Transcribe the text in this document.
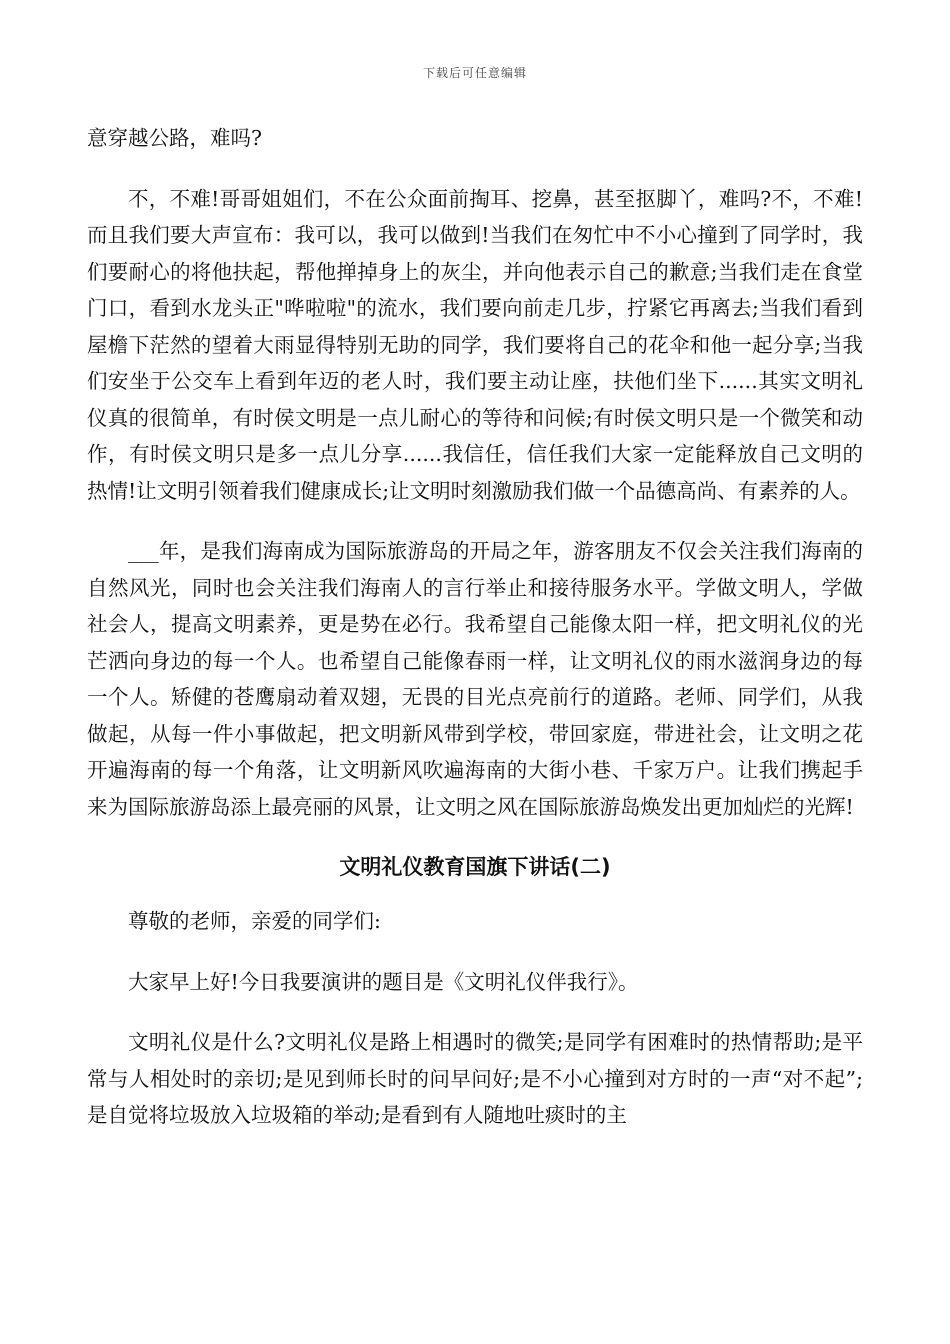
下载后可任意编辑

意穿越公路，难吗?

不，不难!哥哥姐姐们，不在公众面前掏耳、挖鼻，甚至抠脚丫，难吗?不，不难!而且我们要大声宣布：我可以，我可以做到!当我们在匆忙中不小心撞到了同学时，我们要耐心的将他扶起，帮他掸掉身上的灰尘，并向他表示自己的歉意;当我们走在食堂门口，看到水龙头正"哗啦啦"的流水，我们要向前走几步，拧紧它再离去;当我们看到屋檐下茫然的望着大雨显得特别无助的同学，我们要将自己的花伞和他一起分享;当我们安坐于公交车上看到年迈的老人时，我们要主动让座，扶他们坐下......其实文明礼仪真的很简单，有时侯文明是一点儿耐心的等待和问候;有时侯文明只是一个微笑和动作，有时侯文明只是多一点儿分享......我信任，信任我们大家一定能释放自己文明的热情!让文明引领着我们健康成长;让文明时刻激励我们做一个品德高尚、有素养的人。

___年，是我们海南成为国际旅游岛的开局之年，游客朋友不仅会关注我们海南的自然风光，同时也会关注我们海南人的言行举止和接待服务水平。学做文明人，学做社会人，提高文明素养，更是势在必行。我希望自己能像太阳一样，把文明礼仪的光芒洒向身边的每一个人。也希望自己能像春雨一样，让文明礼仪的雨水滋润身边的每一个人。矫健的苍鹰扇动着双翅，无畏的目光点亮前行的道路。老师、同学们，从我做起，从每一件小事做起，把文明新风带到学校，带回家庭，带进社会，让文明之花开遍海南的每一个角落，让文明新风吹遍海南的大街小巷、千家万户。让我们携起手来为国际旅游岛添上最亮丽的风景，让文明之风在国际旅游岛焕发出更加灿烂的光辉!

文明礼仪教育国旗下讲话(二)

尊敬的老师，亲爱的同学们:

大家早上好!今日我要演讲的题目是《文明礼仪伴我行》。

文明礼仪是什么?文明礼仪是路上相遇时的微笑;是同学有困难时的热情帮助;是平常与人相处时的亲切;是见到师长时的问早问好;是不小心撞到对方时的一声“对不起”;是自觉将垃圾放入垃圾箱的举动;是看到有人随地吐痰时的主
